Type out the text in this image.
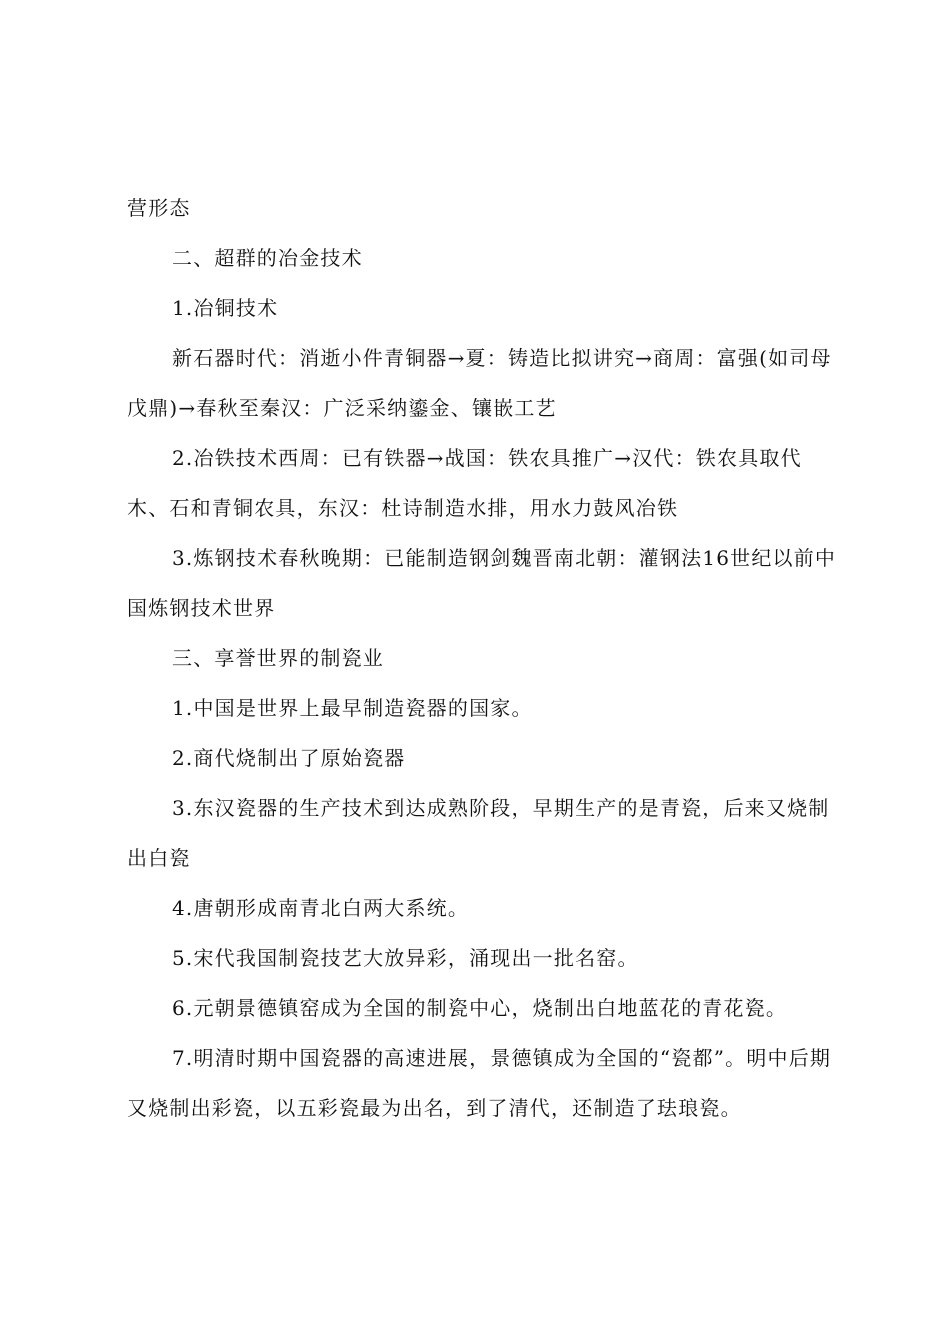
营形态

二、超群的冶金技术

1.冶铜技术

新石器时代：消逝小件青铜器→夏：铸造比拟讲究→商周：富强(如司母戊鼎)→春秋至秦汉：广泛采纳鎏金、镶嵌工艺

2.冶铁技术西周：已有铁器→战国：铁农具推广→汉代：铁农具取代木、石和青铜农具，东汉：杜诗制造水排，用水力鼓风冶铁

3.炼钢技术春秋晚期：已能制造钢剑魏晋南北朝：灌钢法16世纪以前中国炼钢技术世界

三、享誉世界的制瓷业

1.中国是世界上最早制造瓷器的国家。

2.商代烧制出了原始瓷器

3.东汉瓷器的生产技术到达成熟阶段，早期生产的是青瓷，后来又烧制出白瓷

4.唐朝形成南青北白两大系统。

5.宋代我国制瓷技艺大放异彩，涌现出一批名窑。

6.元朝景德镇窑成为全国的制瓷中心，烧制出白地蓝花的青花瓷。

7.明清时期中国瓷器的高速进展，景德镇成为全国的“瓷都”。明中后期又烧制出彩瓷，以五彩瓷最为出名，到了清代，还制造了珐琅瓷。
